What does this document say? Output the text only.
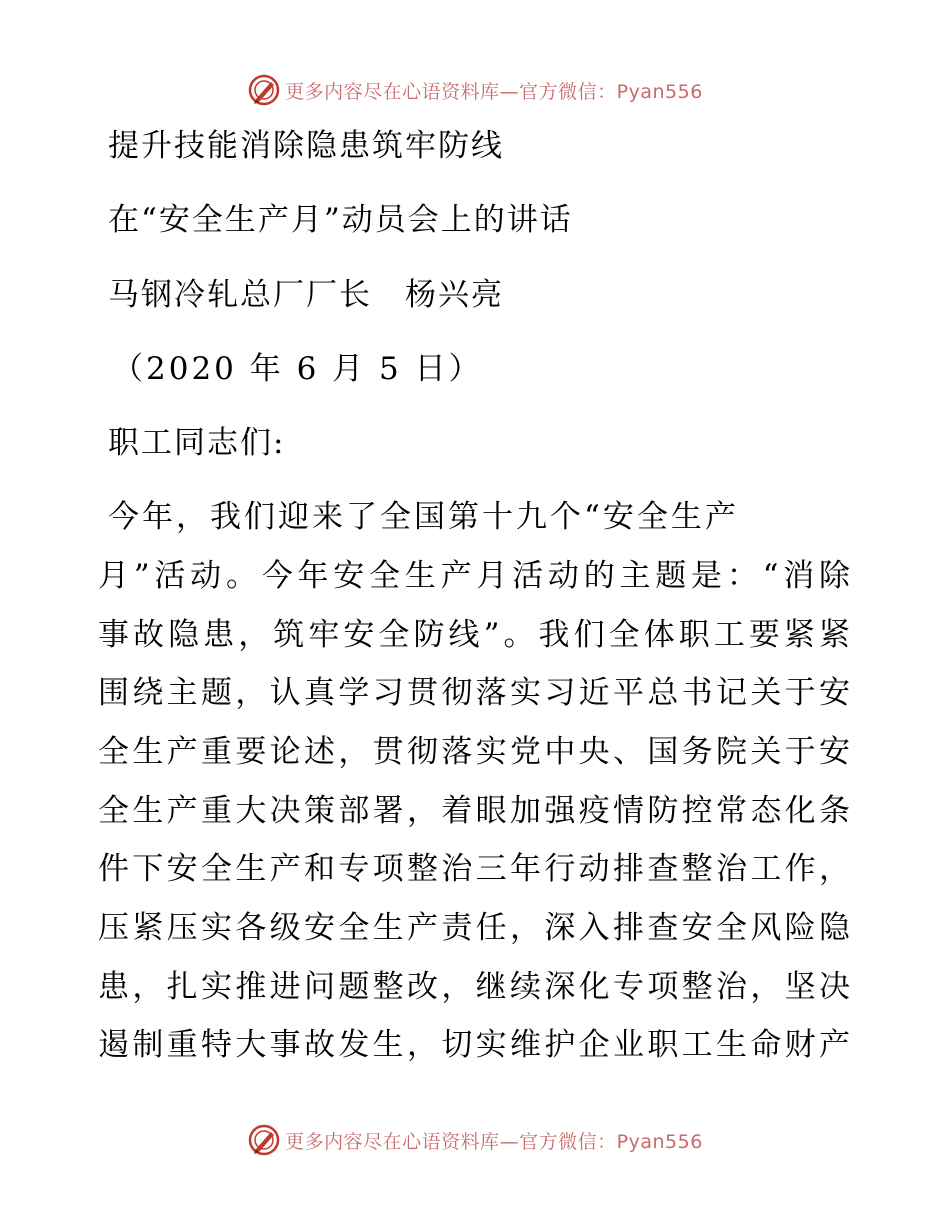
更多内容尽在心语资料库—官方微信：Pyan556
提升技能消除隐患筑牢防线
在“安全生产月”动员会上的讲话
马钢冷轧总厂厂长　杨兴亮
（2020 年 6 月 5 日）
职工同志们:
今年，我们迎来了全国第十九个“安全生产
月”活动。今年安全生产月活动的主题是：“消除
事故隐患，筑牢安全防线”。我们全体职工要紧紧
围绕主题，认真学习贯彻落实习近平总书记关于安
全生产重要论述，贯彻落实党中央、国务院关于安
全生产重大决策部署，着眼加强疫情防控常态化条
件下安全生产和专项整治三年行动排查整治工作，
压紧压实各级安全生产责任，深入排查安全风险隐
患，扎实推进问题整改，继续深化专项整治，坚决
遏制重特大事故发生，切实维护企业职工生命财产
更多内容尽在心语资料库—官方微信：Pyan556
